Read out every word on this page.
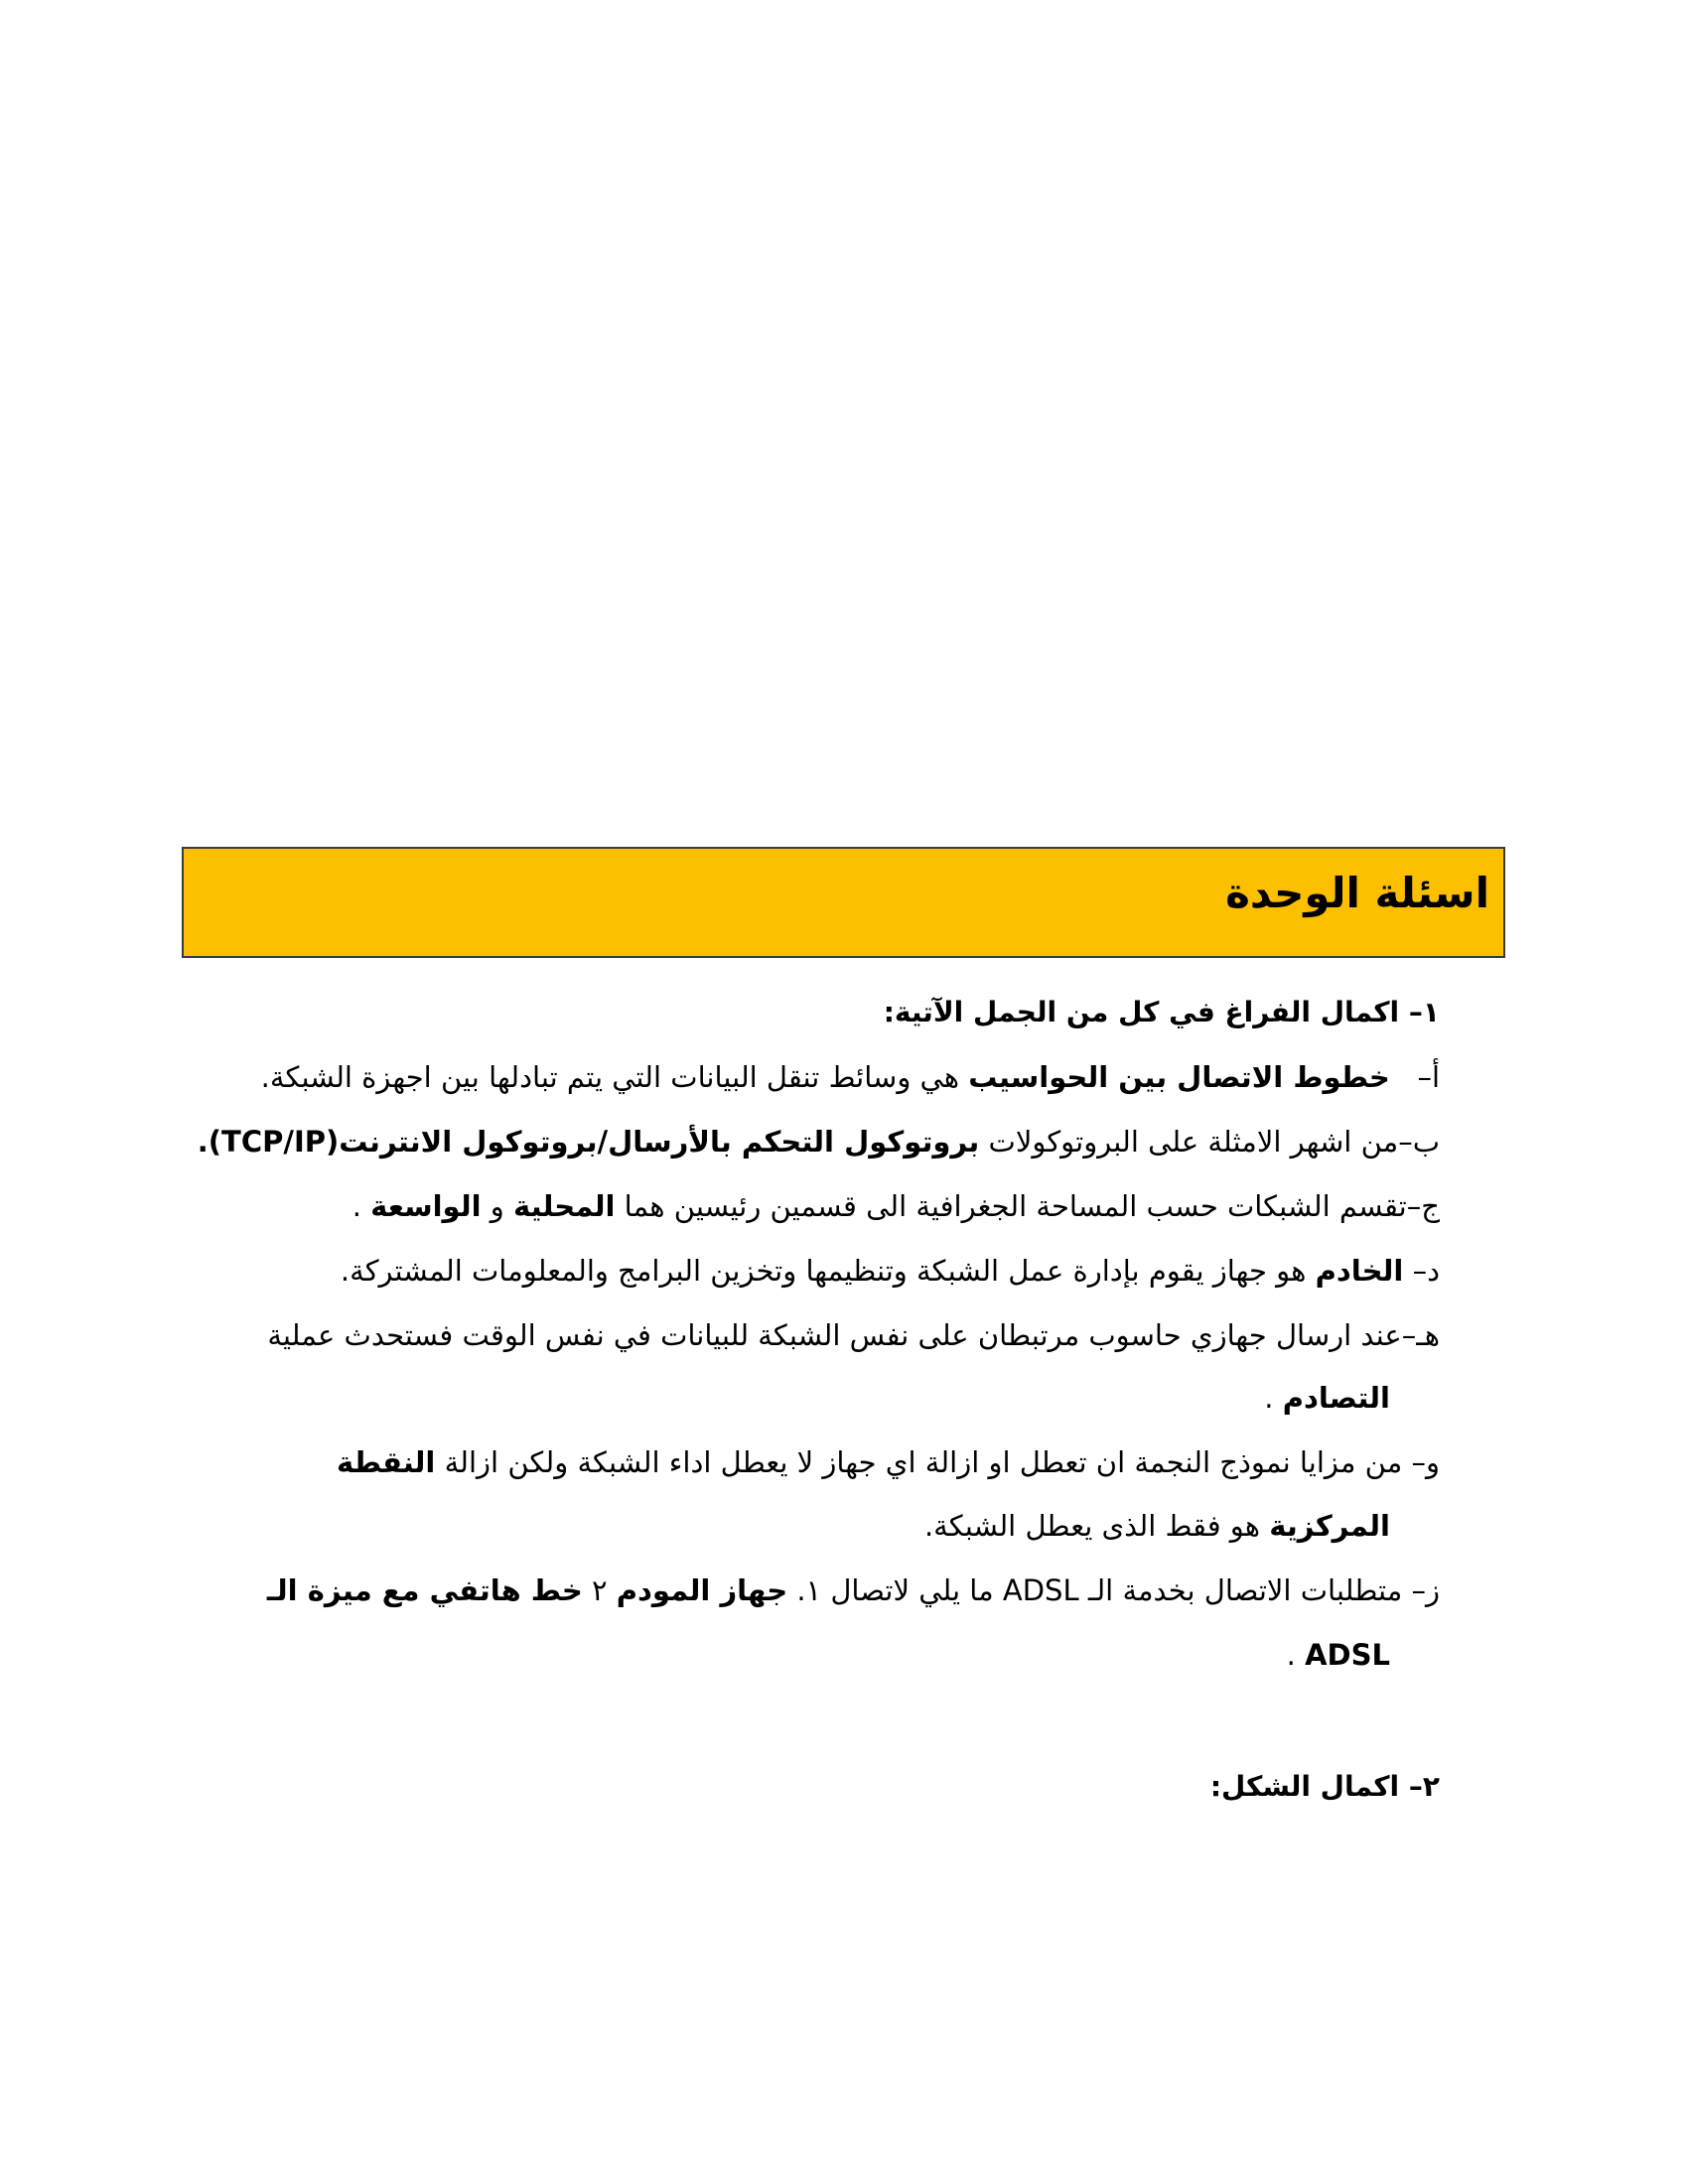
اسئلة الوحدة
١– اكمال الفراغ في كل من الجمل الآتية:
أ–   خطوط الاتصال بين الحواسيب هي وسائط تنقل البيانات التي يتم تبادلها بين اجهزة الشبكة.
ب–من اشهر الامثلة على البروتوكولات بروتوكول التحكم بالأرسال/بروتوكول الانترنت(TCP/IP).
ج–تقسم الشبكات حسب المساحة الجغرافية الى قسمين رئيسين هما المحلية و الواسعة .
د– الخادم هو جهاز يقوم بإدارة عمل الشبكة وتنظيمها وتخزين البرامج والمعلومات المشتركة.
هـ–عند ارسال جهازي حاسوب مرتبطان على نفس الشبكة للبيانات في نفس الوقت فستحدث عملية
التصادم .
و– من مزايا نموذج النجمة ان تعطل او ازالة اي جهاز لا يعطل اداء الشبكة ولكن ازالة النقطة
المركزية هو فقط الذى يعطل الشبكة.
ز– متطلبات الاتصال بخدمة الـ ADSL ما يلي لاتصال ١. جهاز المودم ٢ خط هاتفي مع ميزة الـ
ADSL .
٢– اكمال الشكل:
